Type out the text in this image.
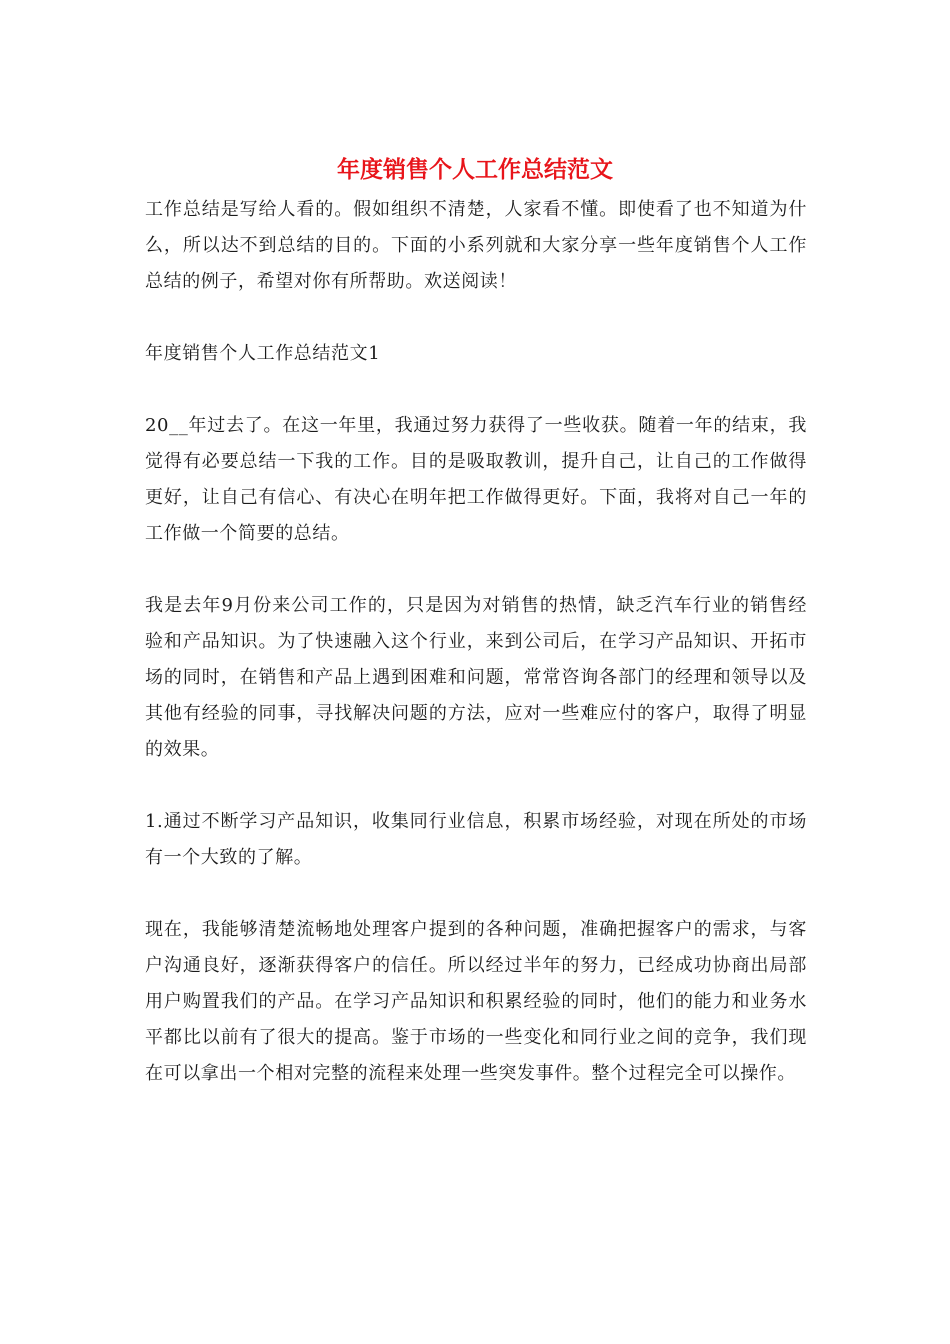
年度销售个人工作总结范文

工作总结是写给人看的。假如组织不清楚，人家看不懂。即使看了也不知道为什么，所以达不到总结的目的。下面的小系列就和大家分享一些年度销售个人工作总结的例子，希望对你有所帮助。欢送阅读！

年度销售个人工作总结范文1

20__年过去了。在这一年里，我通过努力获得了一些收获。随着一年的结束，我觉得有必要总结一下我的工作。目的是吸取教训，提升自己，让自己的工作做得更好，让自己有信心、有决心在明年把工作做得更好。下面，我将对自己一年的工作做一个简要的总结。

我是去年9月份来公司工作的，只是因为对销售的热情，缺乏汽车行业的销售经验和产品知识。为了快速融入这个行业，来到公司后，在学习产品知识、开拓市场的同时，在销售和产品上遇到困难和问题，常常咨询各部门的经理和领导以及其他有经验的同事，寻找解决问题的方法，应对一些难应付的客户，取得了明显的效果。

1.通过不断学习产品知识，收集同行业信息，积累市场经验，对现在所处的市场有一个大致的了解。

现在，我能够清楚流畅地处理客户提到的各种问题，准确把握客户的需求，与客户沟通良好，逐渐获得客户的信任。所以经过半年的努力，已经成功协商出局部用户购置我们的产品。在学习产品知识和积累经验的同时，他们的能力和业务水平都比以前有了很大的提高。鉴于市场的一些变化和同行业之间的竞争，我们现在可以拿出一个相对完整的流程来处理一些突发事件。整个过程完全可以操作。
